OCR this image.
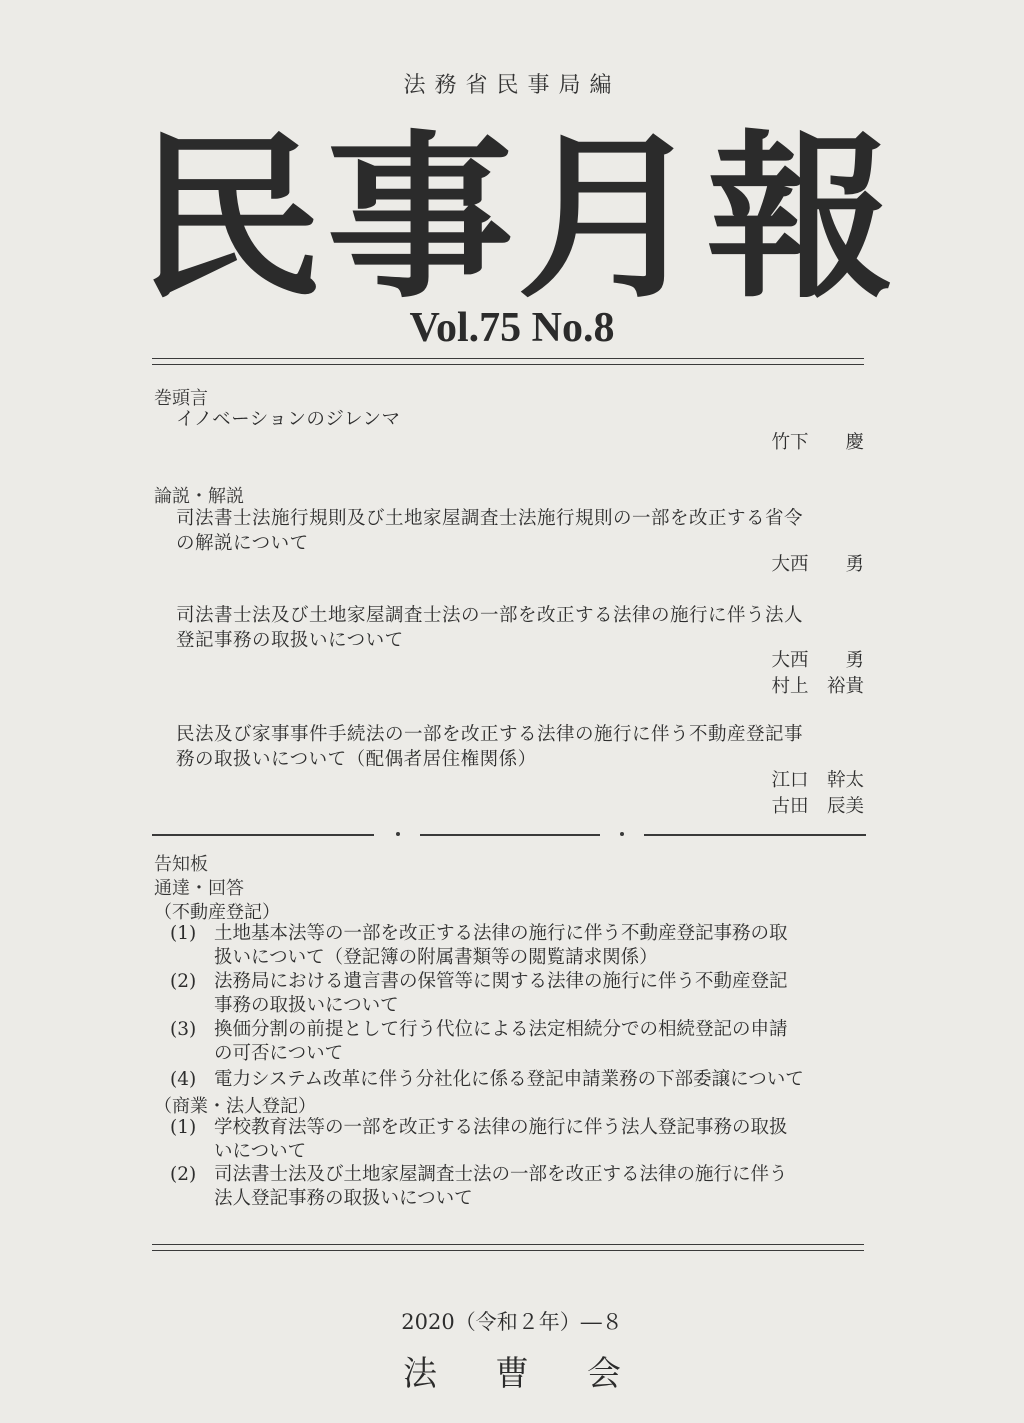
法務省民事局編
民 事 月 報
Vol.75 No.8
巻頭言
イノベーションのジレンマ
竹下　　慶
論説・解説
司法書士法施行規則及び土地家屋調査士法施行規則の一部を改正する省令
の解説について
大西　　勇
司法書士法及び土地家屋調査士法の一部を改正する法律の施行に伴う法人
登記事務の取扱いについて
大西　　勇
村上　裕貴
民法及び家事事件手続法の一部を改正する法律の施行に伴う不動産登記事
務の取扱いについて（配偶者居住権関係）
江口　幹太
古田　辰美
告知板
通達・回答
（不動産登記）
(1) 土地基本法等の一部を改正する法律の施行に伴う不動産登記事務の取
扱いについて（登記簿の附属書類等の閲覧請求関係）
(2) 法務局における遺言書の保管等に関する法律の施行に伴う不動産登記
事務の取扱いについて
(3) 換価分割の前提として行う代位による法定相続分での相続登記の申請
の可否について
(4) 電力システム改革に伴う分社化に係る登記申請業務の下部委譲について
（商業・法人登記）
(1) 学校教育法等の一部を改正する法律の施行に伴う法人登記事務の取扱
いについて
(2) 司法書士法及び土地家屋調査士法の一部を改正する法律の施行に伴う
法人登記事務の取扱いについて
2020（令和２年）―８
法曹会
